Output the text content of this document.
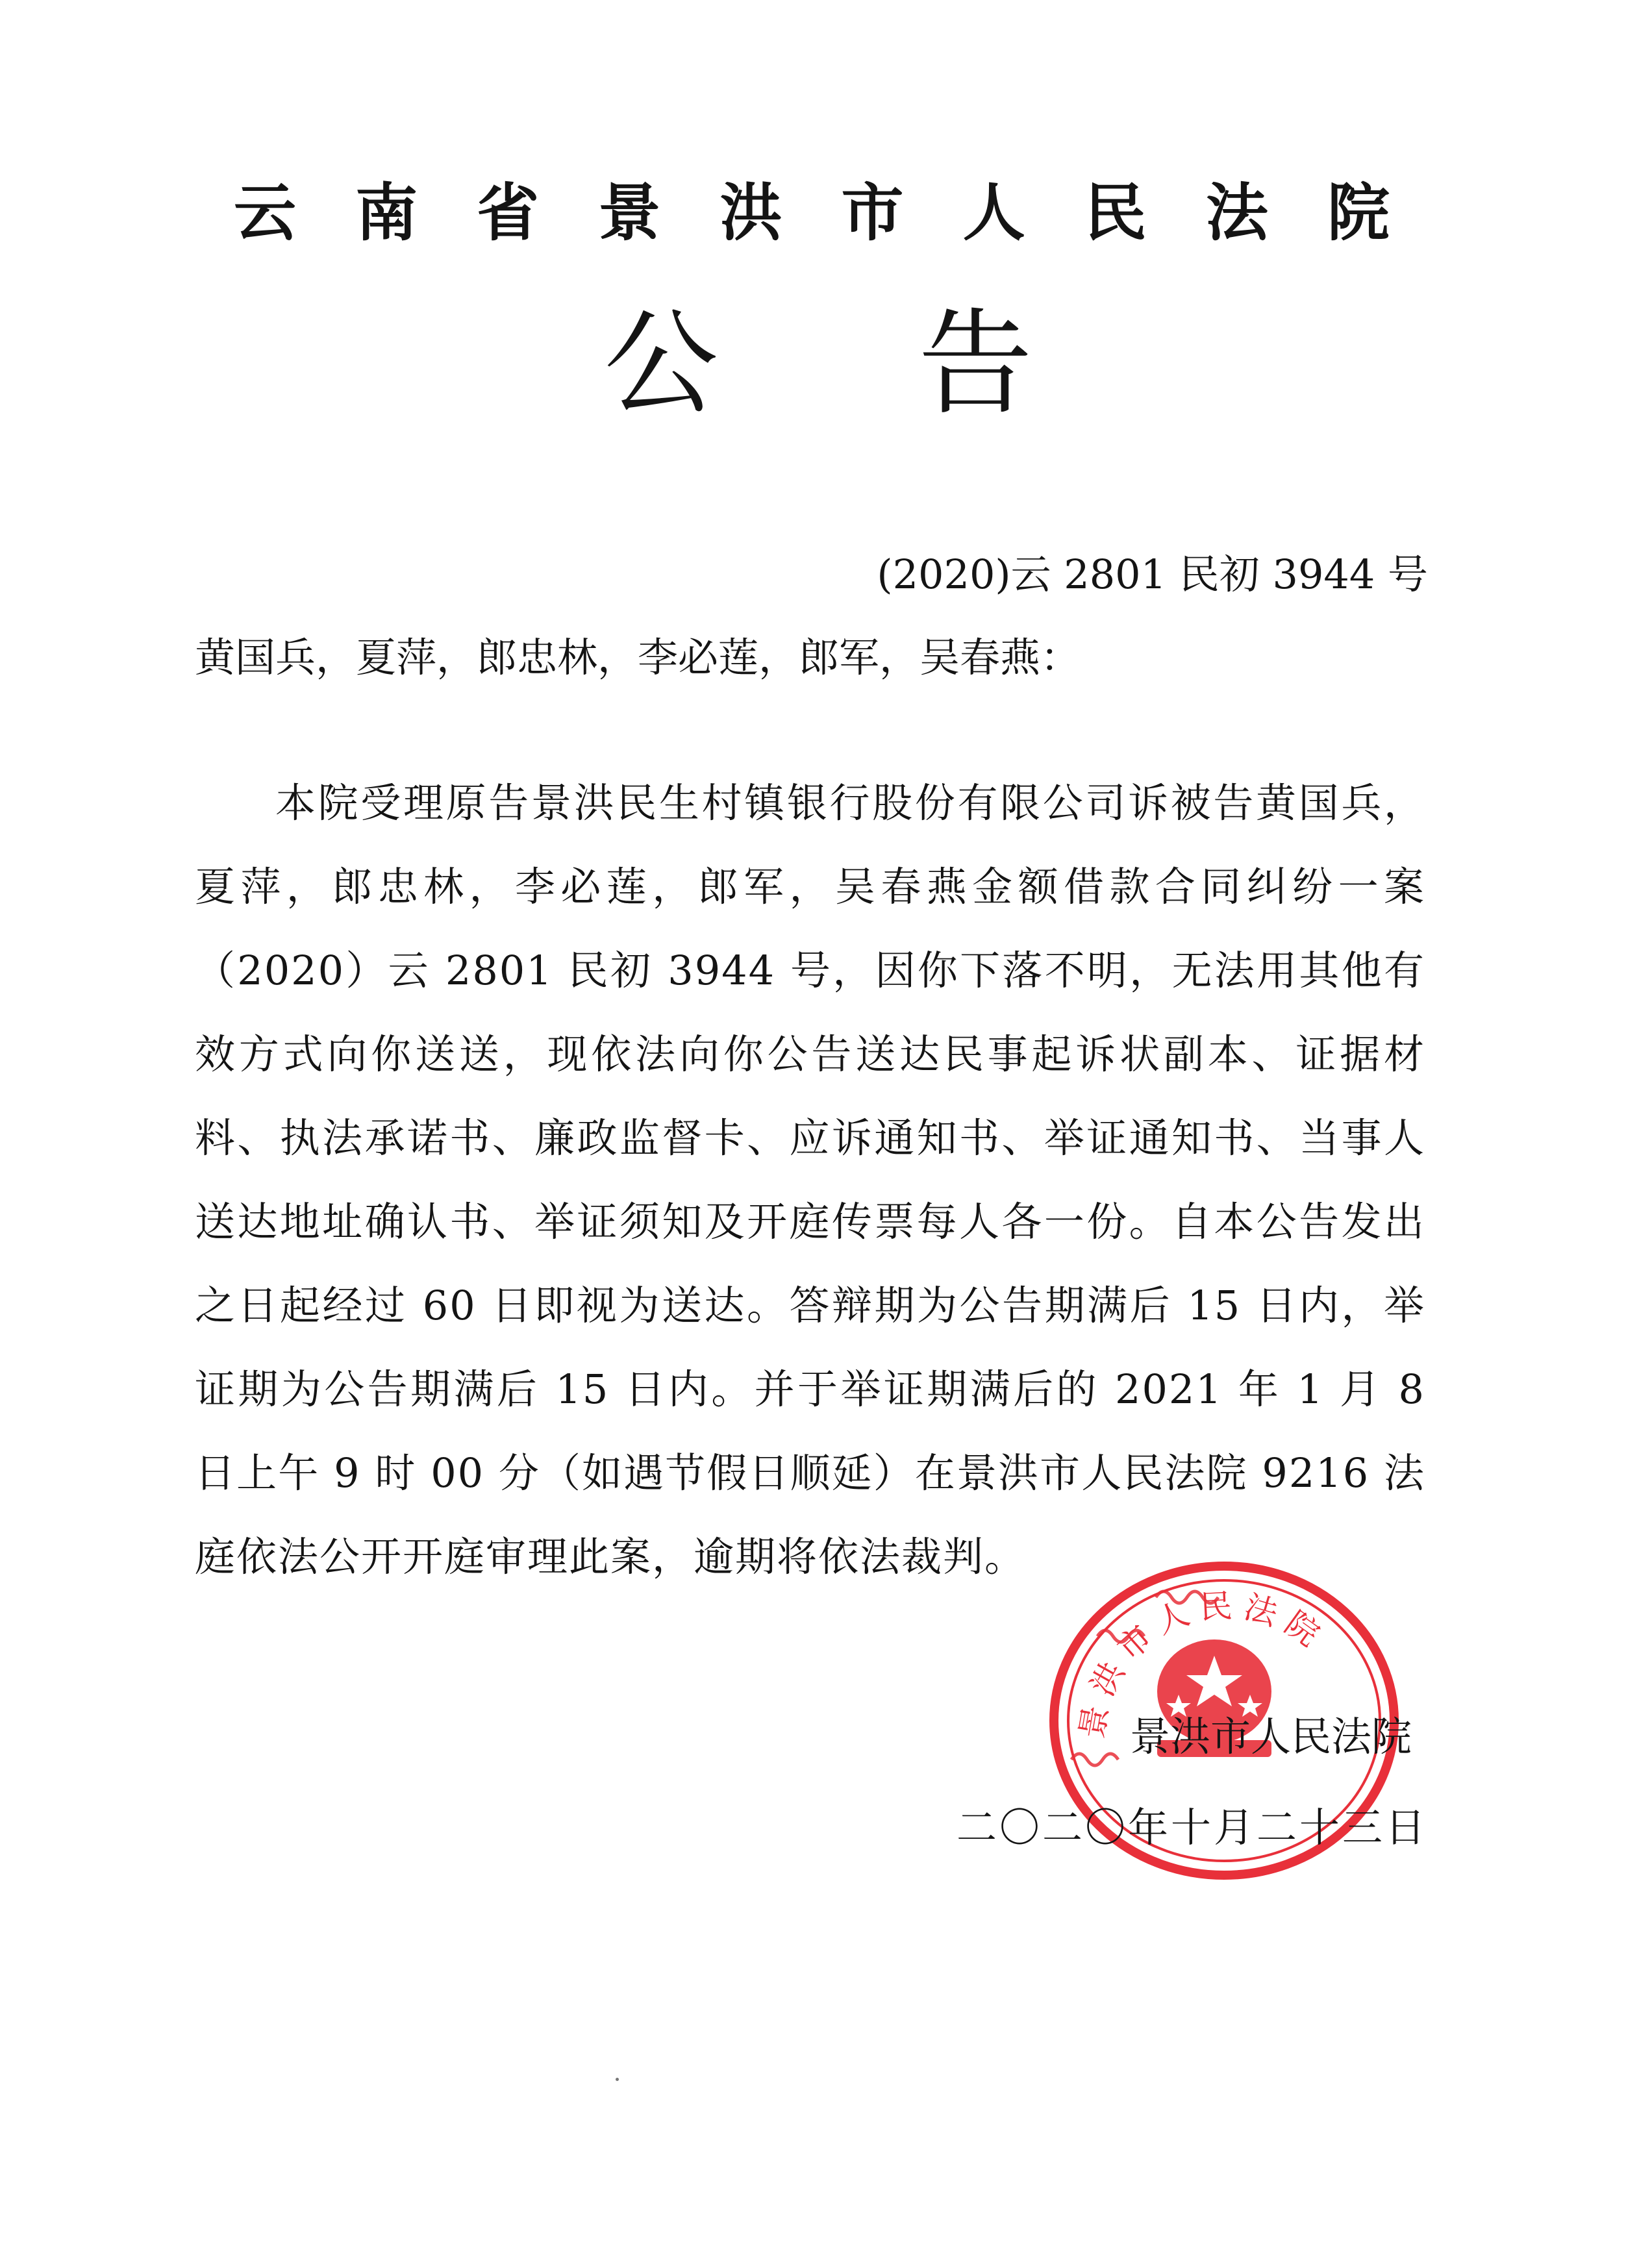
云 南 省 景 洪 市 人 民 法 院
公 告
(2020)云 2801 民初 3944 号
黄国兵，夏萍，郎忠林，李必莲，郎军，吴春燕：

本院受理原告景洪民生村镇银行股份有限公司诉被告黄国兵，夏萍，郎忠林，李必莲，郎军，吴春燕金额借款合同纠纷一案（2020）云 2801 民初 3944 号，因你下落不明，无法用其他有效方式向你送送，现依法向你公告送达民事起诉状副本、证据材料、执法承诺书、廉政监督卡、应诉通知书、举证通知书、当事人送达地址确认书、举证须知及开庭传票每人各一份。自本公告发出之日起经过 60 日即视为送达。答辩期为公告期满后 15 日内，举证期为公告期满后 15 日内。并于举证期满后的 2021 年 1 月 8 日上午 9 时 00 分（如遇节假日顺延）在景洪市人民法院 9216 法庭依法公开开庭审理此案，逾期将依法裁判。

景洪市人民法院
景洪市人民法院
二〇二〇年十月二十三日
